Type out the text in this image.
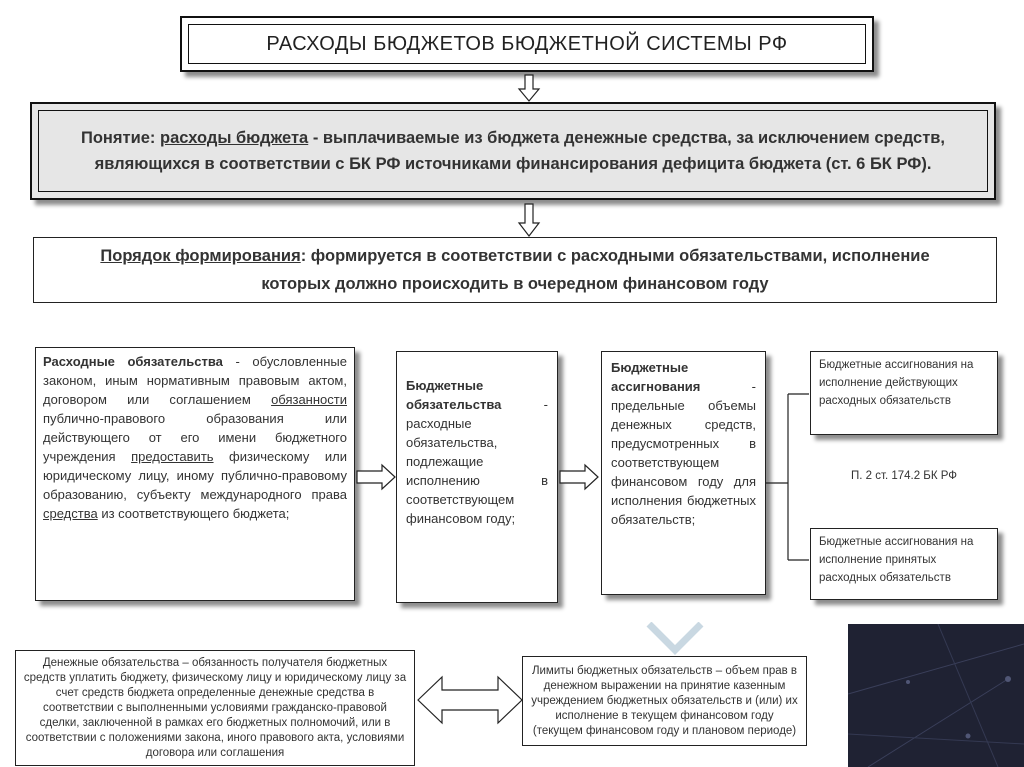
РАСХОДЫ БЮДЖЕТОВ БЮДЖЕТНОЙ СИСТЕМЫ РФ
Понятие: расходы бюджета - выплачиваемые из бюджета денежные средства, за исключением средств, являющихся в соответствии с БК РФ источниками финансирования дефицита бюджета (ст. 6 БК РФ).
Порядок формирования: формируется в соответствии с расходными обязательствами, исполнение которых должно происходить в очередном финансовом году
Расходные обязательства - обусловленные законом, иным нормативным правовым актом, договором или соглашением обязанности публично-правового образования или действующего от его имени бюджетного учреждения предоставить физическому или юридическому лицу, иному публично-правовому образованию, субъекту международного права средства из соответствующего бюджета;
Бюджетные обязательства - расходные обязательства, подлежащие исполнению в соответствующем финансовом году;
Бюджетные ассигнования - предельные объемы денежных средств, предусмотренных в соответствующем финансовом году для исполнения бюджетных обязательств;
Бюджетные ассигнования на исполнение действующих расходных обязательств
П. 2 ст. 174.2 БК РФ
Бюджетные ассигнования на исполнение принятых расходных обязательств
Денежные обязательства – обязанность получателя бюджетных средств уплатить бюджету, физическому лицу и юридическому лицу за счет средств бюджета определенные денежные средства в соответствии с выполненными условиями гражданско-правовой сделки, заключенной в рамках его бюджетных полномочий, или в соответствии с положениями закона, иного правового акта, условиями договора или соглашения
Лимиты бюджетных обязательств – объем прав в денежном выражении на принятие казенным учреждением бюджетных обязательств и (или) их исполнение в текущем финансовом году (текущем финансовом году и плановом периоде)
